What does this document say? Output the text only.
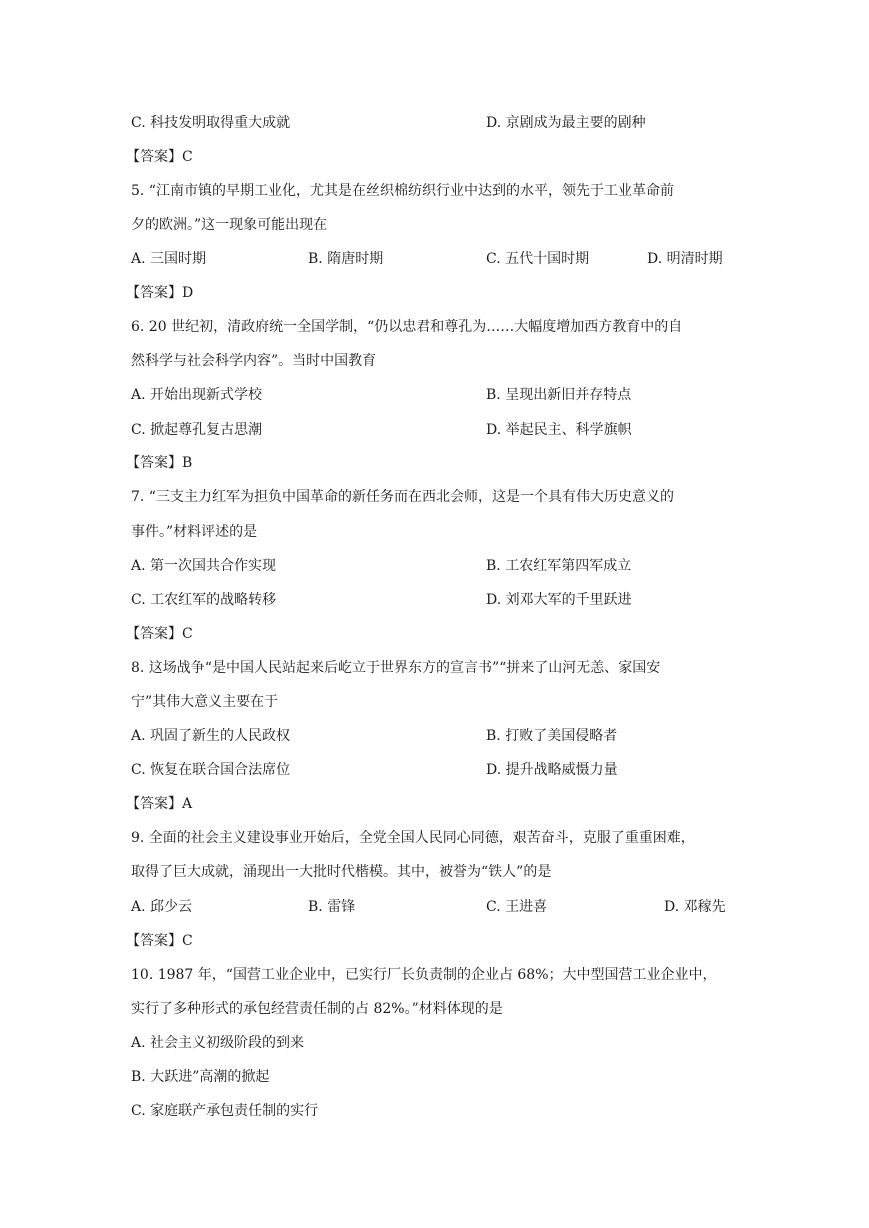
C. 科技发明取得重大成就	D. 京剧成为最主要的剧种
【答案】C
5. “江南市镇的早期工业化，尤其是在丝织棉纺织行业中达到的水平，领先于工业革命前
夕的欧洲。”这一现象可能出现在
A. 三国时期	B. 隋唐时期	C. 五代十国时期	D. 明清时期
【答案】D
6. 20 世纪初，清政府统一全国学制，“仍以忠君和尊孔为……大幅度增加西方教育中的自
然科学与社会科学内容”。当时中国教育
A. 开始出现新式学校	B. 呈现出新旧并存特点
C. 掀起尊孔复古思潮	D. 举起民主、科学旗帜
【答案】B
7. “三支主力红军为担负中国革命的新任务而在西北会师，这是一个具有伟大历史意义的
事件。”材料评述的是
A. 第一次国共合作实现	B. 工农红军第四军成立
C. 工农红军的战略转移	D. 刘邓大军的千里跃进
【答案】C
8. 这场战争“是中国人民站起来后屹立于世界东方的宣言书”“拼来了山河无恙、家国安
宁”其伟大意义主要在于
A. 巩固了新生的人民政权	B. 打败了美国侵略者
C. 恢复在联合国合法席位	D. 提升战略威慑力量
【答案】A
9. 全面的社会主义建设事业开始后，全党全国人民同心同德，艰苦奋斗，克服了重重困难，
取得了巨大成就，涌现出一大批时代楷模。其中，被誉为“铁人”的是
A. 邱少云	B. 雷锋	C. 王进喜	D. 邓稼先
【答案】C
10. 1987 年，“国营工业企业中，已实行厂长负责制的企业占 68%；大中型国营工业企业中，
实行了多种形式的承包经营责任制的占 82%。”材料体现的是
A. 社会主义初级阶段的到来
B. 大跃进”高潮的掀起
C. 家庭联产承包责任制的实行
